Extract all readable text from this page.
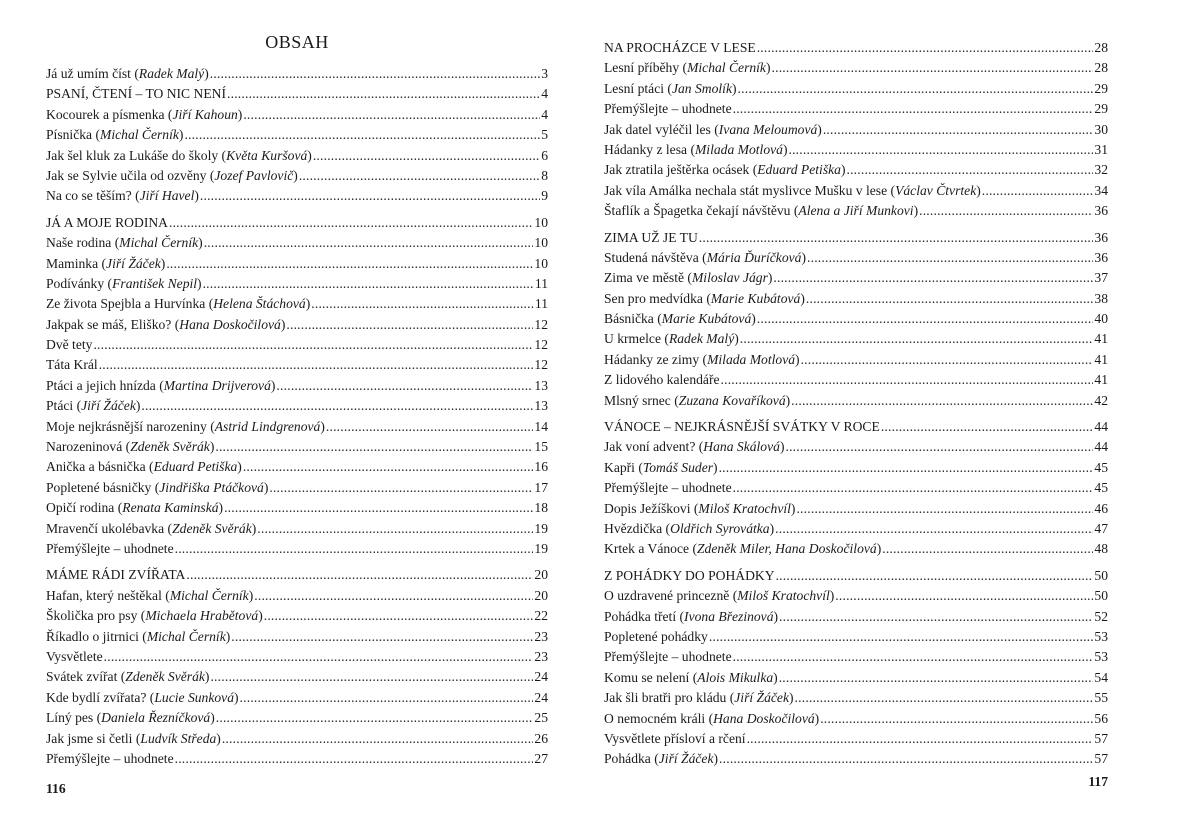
OBSAH
Já už umím číst (Radek Malý) .....	3
PSANÍ, ČTENÍ – TO NIC NENÍ .....	4
Kocourek a písmenka (Jiří Kahoun) .....	4
Písnička (Michal Černík) .....	5
Jak šel kluk za Lukáše do školy (Květa Kuršová) .....	6
Jak se Sylvie učila od ozvěny (Jozef Pavlovič) .....	8
Na co se těším? (Jiří Havel) .....	9
JÁ A MOJE RODINA .....	10
Naše rodina (Michal Černík) .....	10
Maminka (Jiří Žáček) .....	10
Podívánky (František Nepil) .....	11
Ze života Spejbla a Hurvínka (Helena Štáchová) .....	11
Jakpak se máš, Eliško? (Hana Doskočilová) .....	12
Dvě tety .....	12
Táta Král .....	12
Ptáci a jejich hnízda (Martina Drijverová) .....	13
Ptáci (Jiří Žáček) .....	13
Moje nejkrásnější narozeniny (Astrid Lindgrenová) .....	14
Narozeninová (Zdeněk Svěrák) .....	15
Anička a básnička (Eduard Petiška) .....	16
Popletené básničky (Jindřiška Ptáčková) .....	17
Opičí rodina (Renata Kaminská) .....	18
Mravenčí ukolébavka (Zdeněk Svěrák) .....	19
Přemýšlejte – uhodnete .....	19
MÁME RÁDI ZVÍŘATA .....	20
Hafan, který neštěkal (Michal Černík) .....	20
Školička pro psy (Michaela Hrabětová) .....	22
Říkadlo o jitrnici (Michal Černík) .....	23
Vysvětlete .....	23
Svátek zvířat (Zdeněk Svěrák) .....	24
Kde bydlí zvířata? (Lucie Sunková) .....	24
Líný pes (Daniela Řezníčková) .....	25
Jak jsme si četli (Ludvík Středa) .....	26
Přemýšlejte – uhodnete .....	27
116
NA PROCHÁZCE V LESE .....	28
Lesní příběhy (Michal Černík) .....	28
Lesní ptáci (Jan Smolík) .....	29
Přemýšlejte – uhodnete .....	29
Jak datel vyléčil les (Ivana Meloumová) .....	30
Hádanky z lesa (Milada Motlová) .....	31
Jak ztratila ještěrka ocásek (Eduard Petiška) .....	32
Jak víla Amálka nechala stát myslivce Mušku v lese (Václav Čtvrtek) .....	34
Štaflík a Špagetka čekají návštěvu (Alena a Jiří Munkovi) .....	36
ZIMA UŽ JE TU .....	36
Studená návštěva (Mária Ďuríčková) .....	36
Zima ve městě (Miloslav Jágr) .....	37
Sen pro medvídka (Marie Kubátová) .....	38
Básnička (Marie Kubátová) .....	40
U krmelce (Radek Malý) .....	41
Hádanky ze zimy (Milada Motlová) .....	41
Z lidového kalendáře .....	41
Mlsný srnec (Zuzana Kovaříková) .....	42
VÁNOCE – NEJKRÁSNĚJŠÍ SVÁTKY V ROCE .....	44
Jak voní advent? (Hana Skálová) .....	44
Kapři (Tomáš Suder) .....	45
Přemýšlejte – uhodnete .....	45
Dopis Ježíškovi (Miloš Kratochvíl) .....	46
Hvězdička (Oldřich Syrovátka) .....	47
Krtek a Vánoce (Zdeněk Miler, Hana Doskočilová) .....	48
Z POHÁDKY DO POHÁDKY .....	50
O uzdravené princezně (Miloš Kratochvíl) .....	50
Pohádka třetí (Ivona Březinová) .....	52
Popletené pohádky .....	53
Přemýšlejte – uhodnete .....	53
Komu se nelení (Alois Mikulka) .....	54
Jak šli bratři pro kládu (Jiří Žáček) .....	55
O nemocném králi (Hana Doskočilová) .....	56
Vysvětlete přísloví a rčení .....	57
Pohádka (Jiří Žáček) .....	57
117
